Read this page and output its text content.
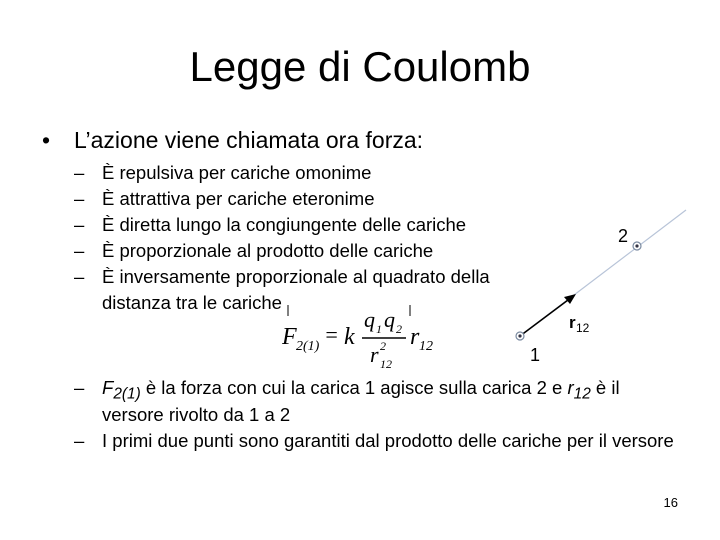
Legge di Coulomb
• L’azione viene chiamata ora forza:
– È repulsiva per cariche omonime
– È attrattiva per cariche eteronime
– È diretta lungo la congiungente delle cariche
– È proporzionale al prodotto delle cariche
– È inversamente proporzionale al quadrato della distanza tra le cariche
F 2(1) = k
q 1 q 2
r 2
12
r 12
2
1
r 12
– $F_{2(1)}$ è la forza con cui la carica 1 agisce sulla carica 2 e $r_{12}$ è il versore rivolto da 1 a 2
– I primi due punti sono garantiti dal prodotto delle cariche per il versore
16
